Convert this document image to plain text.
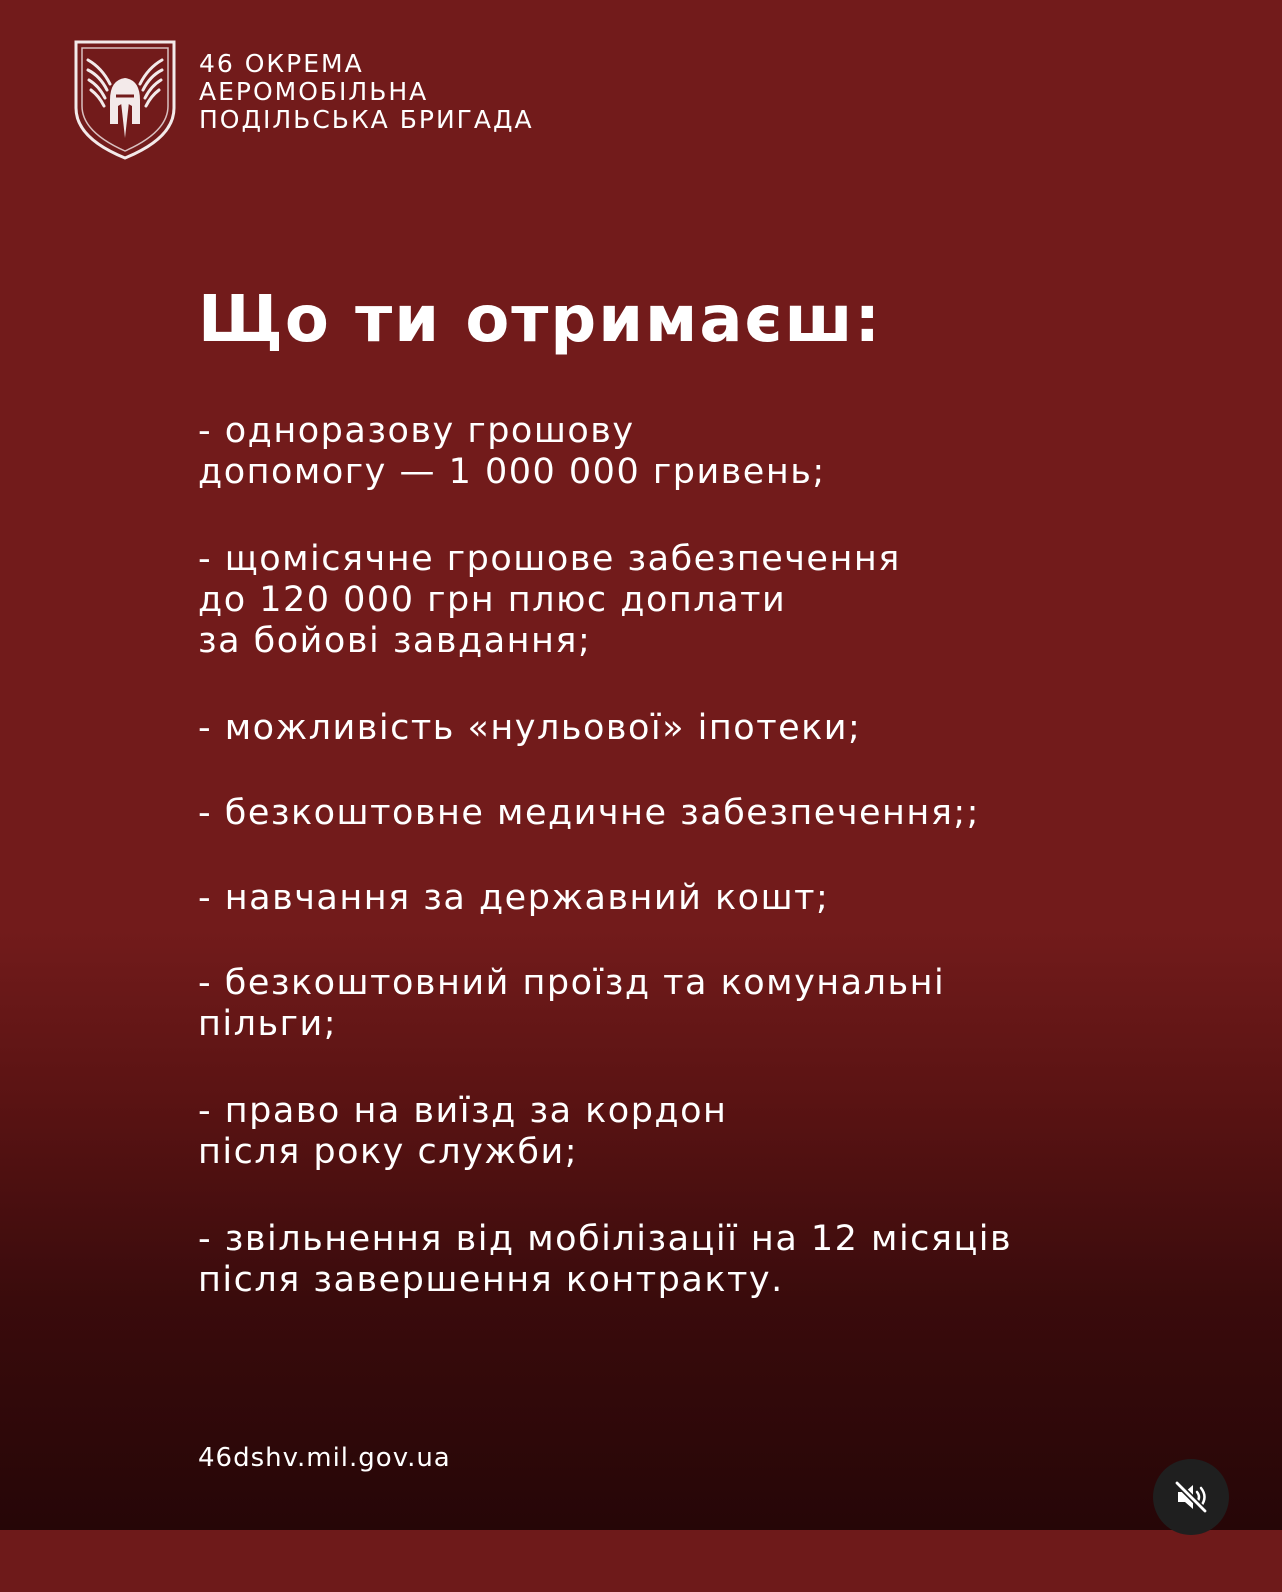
46 ОКРЕМА
АЕРОМОБІЛЬНА
ПОДІЛЬСЬКА БРИГАДА
Що ти отримаєш:
- одноразову грошову
допомогу — 1 000 000 гривень;
- щомісячне грошове забезпечення
до 120 000 грн плюс доплати
за бойові завдання;
- можливість «нульової» іпотеки;
- безкоштовне медичне забезпечення;;
- навчання за державний кошт;
- безкоштовний проїзд та комунальні
пільги;
- право на виїзд за кордон
після року служби;
- звільнення від мобілізації на 12 місяців
після завершення контракту.
46dshv.mil.gov.ua
